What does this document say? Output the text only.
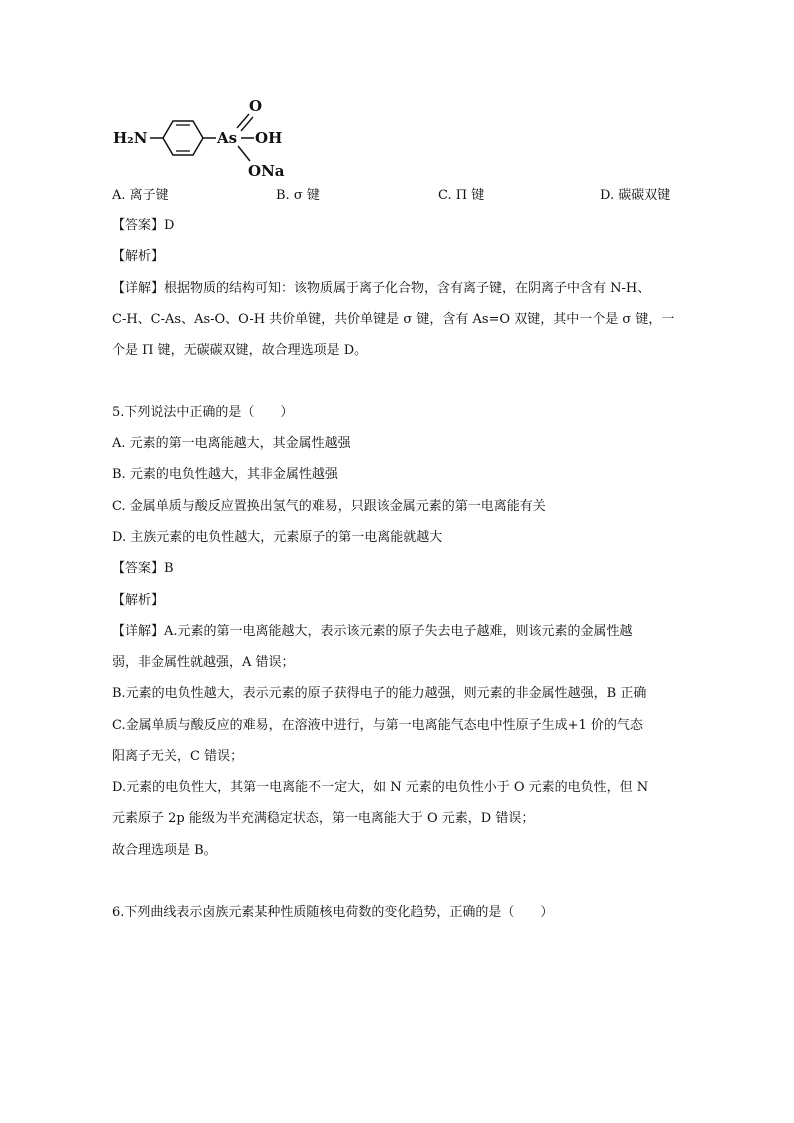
H₂N	As
O
OH
ONa
A. 离子键	B. σ 键	C. Π 键	D. 碳碳双键
【答案】D
【解析】
【详解】根据物质的结构可知：该物质属于离子化合物，含有离子键，在阴离子中含有 N-H、
C-H、C-As、As-O、O-H 共价单键，共价单键是 σ 键，含有 As=O 双键，其中一个是 σ 键，一
个是 Π 键，无碳碳双键，故合理选项是 D。
5.下列说法中正确的是（　　）
A. 元素的第一电离能越大，其金属性越强
B. 元素的电负性越大，其非金属性越强
C. 金属单质与酸反应置换出氢气的难易，只跟该金属元素的第一电离能有关
D. 主族元素的电负性越大，元素原子的第一电离能就越大
【答案】B
【解析】
【详解】A.元素的第一电离能越大，表示该元素的原子失去电子越难，则该元素的金属性越
弱，非金属性就越强，A 错误；
B.元素的电负性越大，表示元素的原子获得电子的能力越强，则元素的非金属性越强，B 正确
C.金属单质与酸反应的难易，在溶液中进行，与第一电离能气态电中性原子生成+1 价的气态
阳离子无关，C 错误；
D.元素的电负性大，其第一电离能不一定大，如 N 元素的电负性小于 O 元素的电负性，但 N
元素原子 2p 能级为半充满稳定状态，第一电离能大于 O 元素，D 错误；
故合理选项是 B。
6.下列曲线表示卤族元素某种性质随核电荷数的变化趋势，正确的是（　　）
